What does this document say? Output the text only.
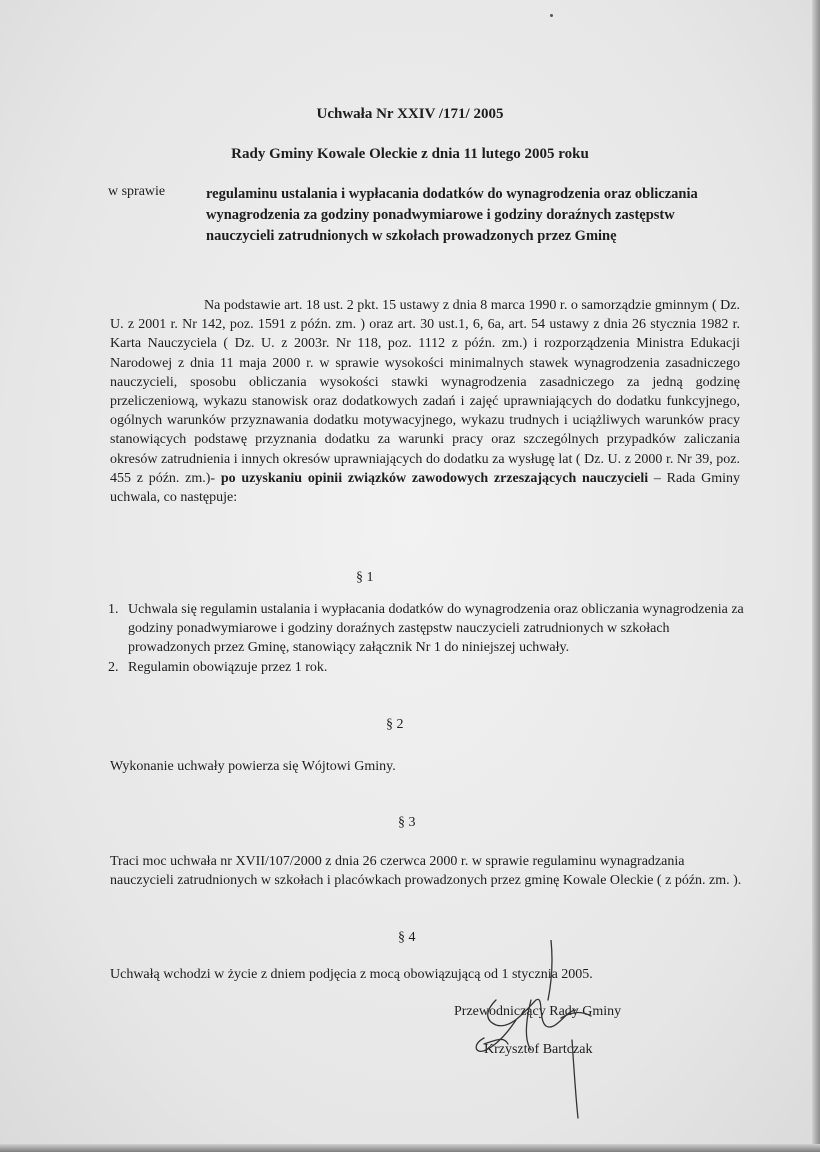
Uchwała Nr XXIV /171/ 2005
Rady Gminy Kowale Oleckie z dnia 11 lutego 2005 roku
w sprawie	regulaminu ustalania i wypłacania dodatków do wynagrodzenia oraz obliczania wynagrodzenia za godziny ponadwymiarowe i godziny doraźnych zastępstw nauczycieli zatrudnionych w szkołach prowadzonych przez Gminę
Na podstawie art. 18 ust. 2 pkt. 15 ustawy z dnia 8 marca 1990 r. o samorządzie gminnym ( Dz. U. z 2001 r. Nr 142, poz. 1591 z późn. zm. ) oraz art. 30 ust.1, 6, 6a, art. 54 ustawy z dnia 26 stycznia 1982 r. Karta Nauczyciela ( Dz. U. z 2003r. Nr 118, poz. 1112 z późn. zm.) i rozporządzenia Ministra Edukacji Narodowej z dnia 11 maja 2000 r. w sprawie wysokości minimalnych stawek wynagrodzenia zasadniczego nauczycieli, sposobu obliczania wysokości stawki wynagrodzenia zasadniczego za jedną godzinę przeliczeniową, wykazu stanowisk oraz dodatkowych zadań i zajęć uprawniających do dodatku funkcyjnego, ogólnych warunków przyznawania dodatku motywacyjnego, wykazu trudnych i uciążliwych warunków pracy stanowiących podstawę przyznania dodatku za warunki pracy oraz szczególnych przypadków zaliczania okresów zatrudnienia i innych okresów uprawniających do dodatku za wysługę lat ( Dz. U. z 2000 r. Nr 39, poz. 455 z późn. zm.)- po uzyskaniu opinii związków zawodowych zrzeszających nauczycieli – Rada Gminy uchwala, co następuje:
§ 1
1. Uchwala się regulamin ustalania i wypłacania dodatków do wynagrodzenia oraz obliczania wynagrodzenia za godziny ponadwymiarowe i godziny doraźnych zastępstw nauczycieli zatrudnionych w szkołach prowadzonych przez Gminę, stanowiący załącznik Nr 1 do niniejszej uchwały.
2. Regulamin obowiązuje przez 1 rok.
§ 2
Wykonanie uchwały powierza się Wójtowi Gminy.
§ 3
Traci moc uchwała nr XVII/107/2000 z dnia 26 czerwca 2000 r. w sprawie regulaminu wynagradzania nauczycieli zatrudnionych w szkołach i placówkach prowadzonych przez gminę Kowale Oleckie ( z późn. zm. ).
§ 4
Uchwałą wchodzi w życie z dniem podjęcia z mocą obowiązującą od 1 stycznia 2005.
Przewodniczący Rady Gminy
Krzysztof Bartczak
